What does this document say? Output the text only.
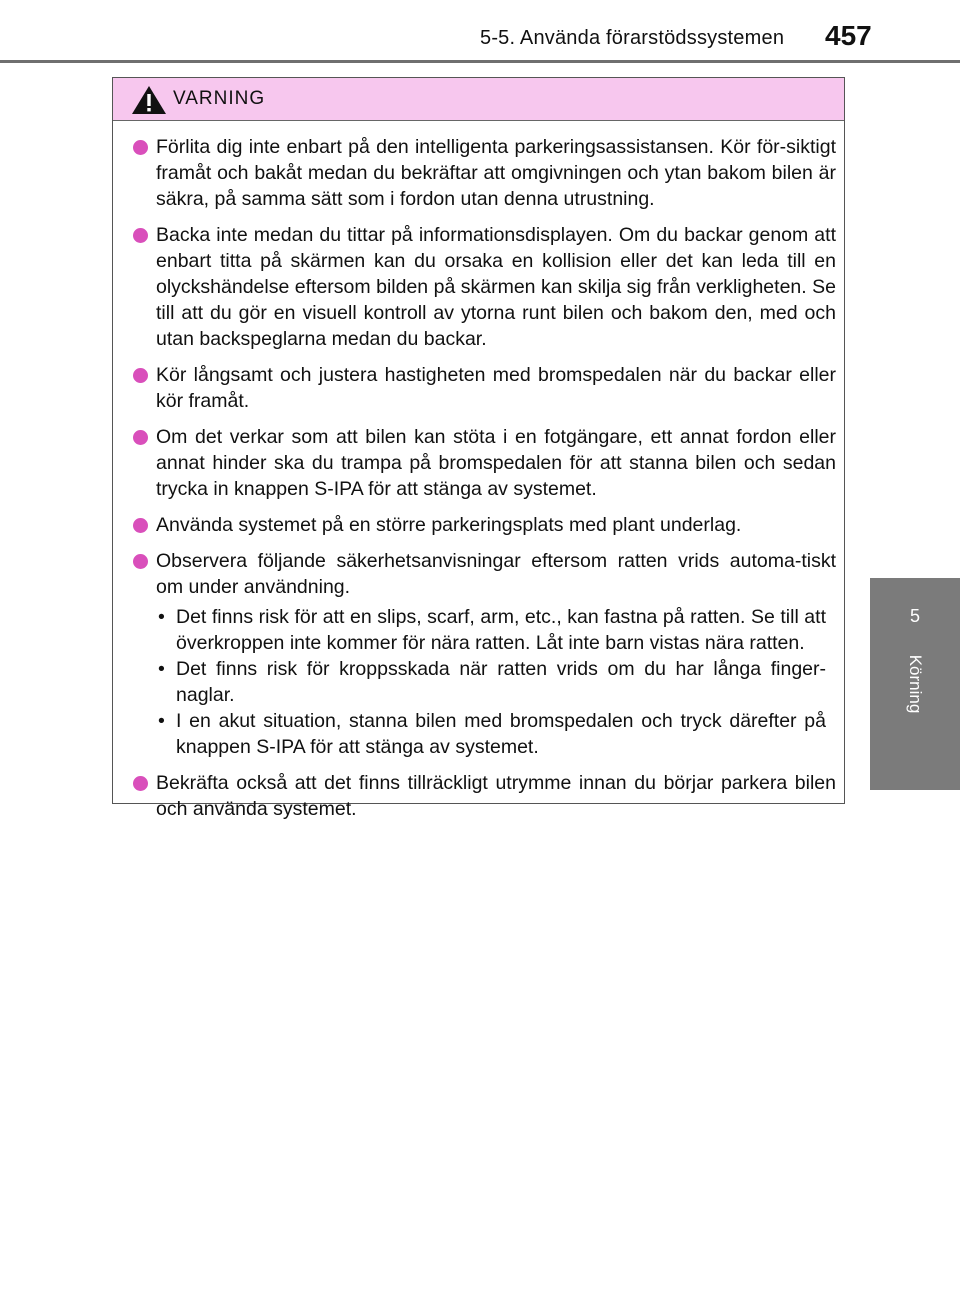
5-5. Använda förarstödssystemen 457
5
Körning
VARNING
Förlita dig inte enbart på den intelligenta parkeringsassistansen. Kör för-siktigt framåt och bakåt medan du bekräftar att omgivningen och ytan bakom bilen är säkra, på samma sätt som i fordon utan denna utrustning.
Backa inte medan du tittar på informationsdisplayen. Om du backar genom att enbart titta på skärmen kan du orsaka en kollision eller det kan leda till en olyckshändelse eftersom bilden på skärmen kan skilja sig från verkligheten. Se till att du gör en visuell kontroll av ytorna runt bilen och bakom den, med och utan backspeglarna medan du backar.
Kör långsamt och justera hastigheten med bromspedalen när du backar eller kör framåt.
Om det verkar som att bilen kan stöta i en fotgängare, ett annat fordon eller annat hinder ska du trampa på bromspedalen för att stanna bilen och sedan trycka in knappen S-IPA för att stänga av systemet.
Använda systemet på en större parkeringsplats med plant underlag.
Observera följande säkerhetsanvisningar eftersom ratten vrids automa-tiskt om under användning.
• Det finns risk för att en slips, scarf, arm, etc., kan fastna på ratten. Se till att överkroppen inte kommer för nära ratten. Låt inte barn vistas nära ratten.
• Det finns risk för kroppsskada när ratten vrids om du har långa finger-naglar.
• I en akut situation, stanna bilen med bromspedalen och tryck därefter på knappen S-IPA för att stänga av systemet.
Bekräfta också att det finns tillräckligt utrymme innan du börjar parkera bilen och använda systemet.
